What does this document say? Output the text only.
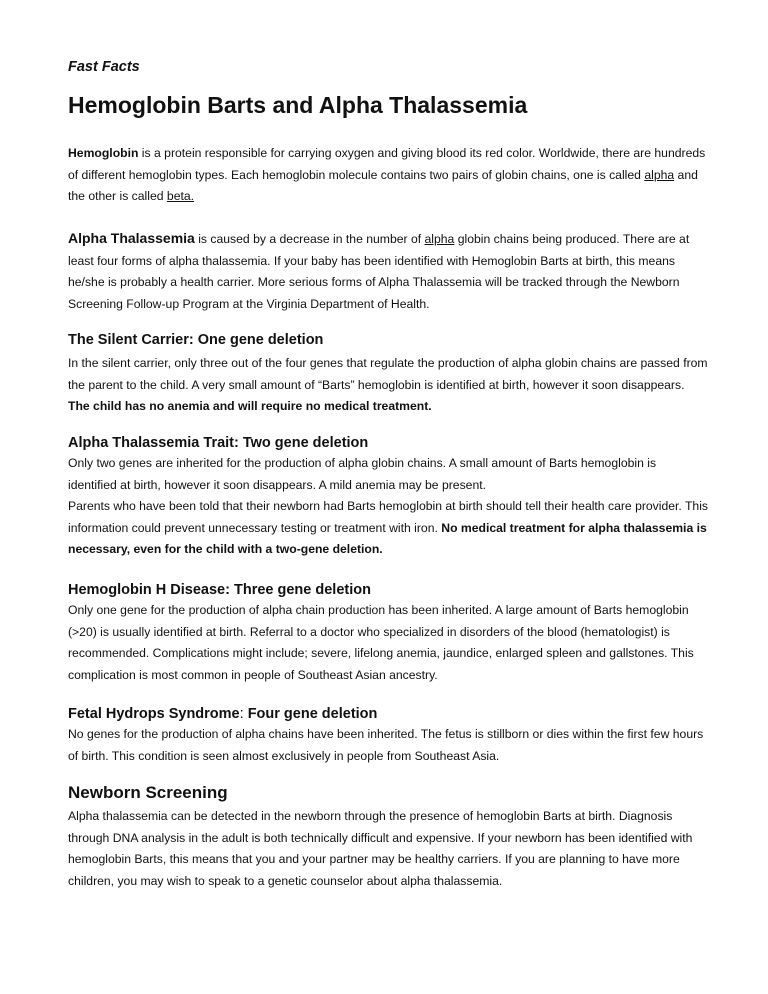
Fast Facts
Hemoglobin Barts and Alpha Thalassemia

Hemoglobin is a protein responsible for carrying oxygen and giving blood its red color. Worldwide, there are hundreds of different hemoglobin types. Each hemoglobin molecule contains two pairs of globin chains, one is called alpha and the other is called beta.

Alpha Thalassemia is caused by a decrease in the number of alpha globin chains being produced. There are at least four forms of alpha thalassemia. If your baby has been identified with Hemoglobin Barts at birth, this means he/she is probably a health carrier. More serious forms of Alpha Thalassemia will be tracked through the Newborn Screening Follow-up Program at the Virginia Department of Health.

The Silent Carrier: One gene deletion

In the silent carrier, only three out of the four genes that regulate the production of alpha globin chains are passed from the parent to the child. A very small amount of “Barts” hemoglobin is identified at birth, however it soon disappears. The child has no anemia and will require no medical treatment.

Alpha Thalassemia Trait: Two gene deletion

Only two genes are inherited for the production of alpha globin chains. A small amount of Barts hemoglobin is identified at birth, however it soon disappears. A mild anemia may be present.

Parents who have been told that their newborn had Barts hemoglobin at birth should tell their health care provider. This information could prevent unnecessary testing or treatment with iron. No medical treatment for alpha thalassemia is necessary, even for the child with a two-gene deletion.

Hemoglobin H Disease: Three gene deletion

Only one gene for the production of alpha chain production has been inherited. A large amount of Barts hemoglobin (>20) is usually identified at birth. Referral to a doctor who specialized in disorders of the blood (hematologist) is recommended. Complications might include; severe, lifelong anemia, jaundice, enlarged spleen and gallstones. This complication is most common in people of Southeast Asian ancestry.

Fetal Hydrops Syndrome: Four gene deletion

No genes for the production of alpha chains have been inherited. The fetus is stillborn or dies within the first few hours of birth. This condition is seen almost exclusively in people from Southeast Asia.

Newborn Screening

Alpha thalassemia can be detected in the newborn through the presence of hemoglobin Barts at birth. Diagnosis through DNA analysis in the adult is both technically difficult and expensive. If your newborn has been identified with hemoglobin Barts, this means that you and your partner may be healthy carriers. If you are planning to have more children, you may wish to speak to a genetic counselor about alpha thalassemia.
